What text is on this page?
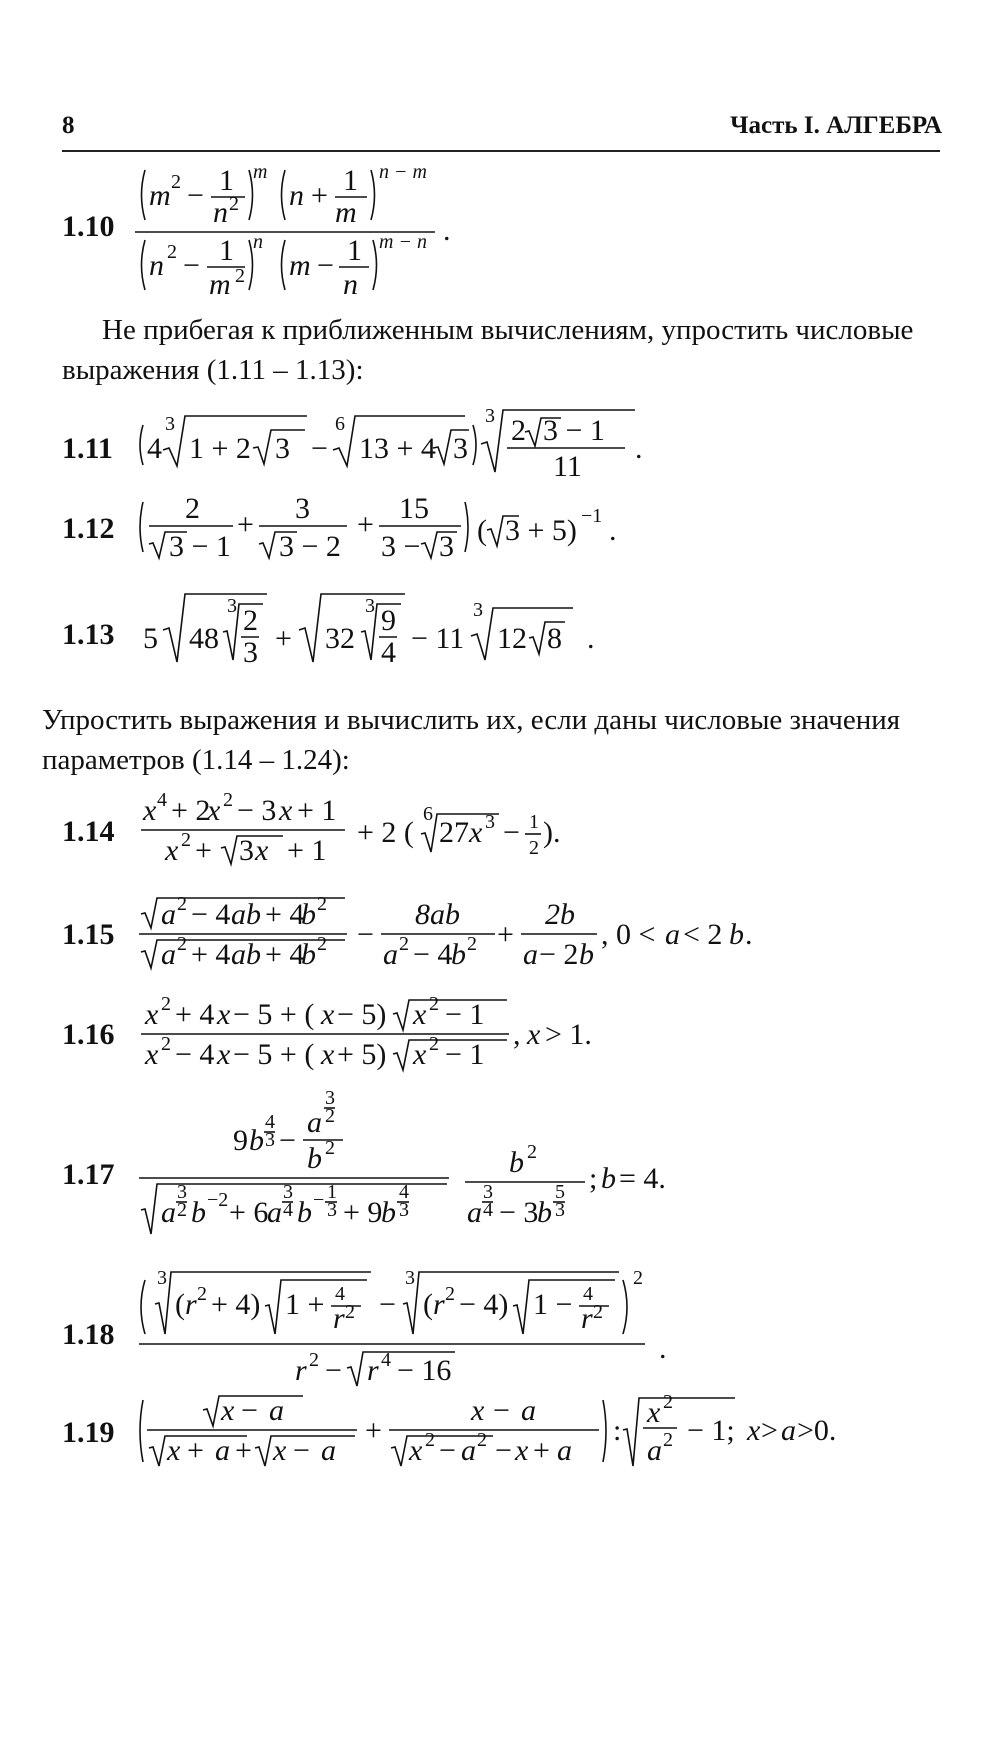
8	Часть I. АЛГЕБРА
1.10
m 2 − 1
n 2
m
n + 1
m
n − m
n 2 − 1
m 2
n
m − 1
n
m − n .

Не прибегая к приближенным вычислениям, упростить числовые выражения (1.11 – 1.13):

1.11 4
3
1 + 2 3 −
6
13 + 4 3
3 2 3 − 1
11
.
1.12
2
3 − 1
+ 3
3 − 2
+ 15
3 − 3 ( 3 + 5) −1 .
1.13 5 48
3 2
3 + 32
3 9
4 − 11
3
12 8 .

Упростить выражения и вычислить их, если даны числовые значения параметров (1.14 – 1.24):

1.14
x 4 + 2
x 2 − 3 x + 1
x 2 + 3 x + 1
+ 2 (
6
27 x 3 − 1
2 ).
1.15
a 2 − 4 ab + 4
b 2
a 2 + 4 ab + 4
b 2 −
8ab
a 2 − 4
b 2 +
2b
a − 2 b
, 0 < a < 2 b .
1.16
x 2 + 4 x − 5 + ( x − 5) x 2 − 1
x 2 − 4 x − 5 + ( x + 5) x 2 − 1
, x > 1.
1.17
9 b
4
3 −
a
3
2
b 2
a
3
2 b −2 + 6
a
3
4 b − 1
3 + 9
b
4
3
b 2
a
3
4 − 3
b
5
3
; b = 4.
1.18
3
( r 2 + 4) 1 + 4
r 2 −
3
( r 2 − 4) 1 − 4
r 2
2
r 2 − r 4 − 16
.
1.19
x − a
x + a + x − a
+
x − a
x 2 − a 2 − x + a
:
x 2
a 2 − 1; x > a >0.
